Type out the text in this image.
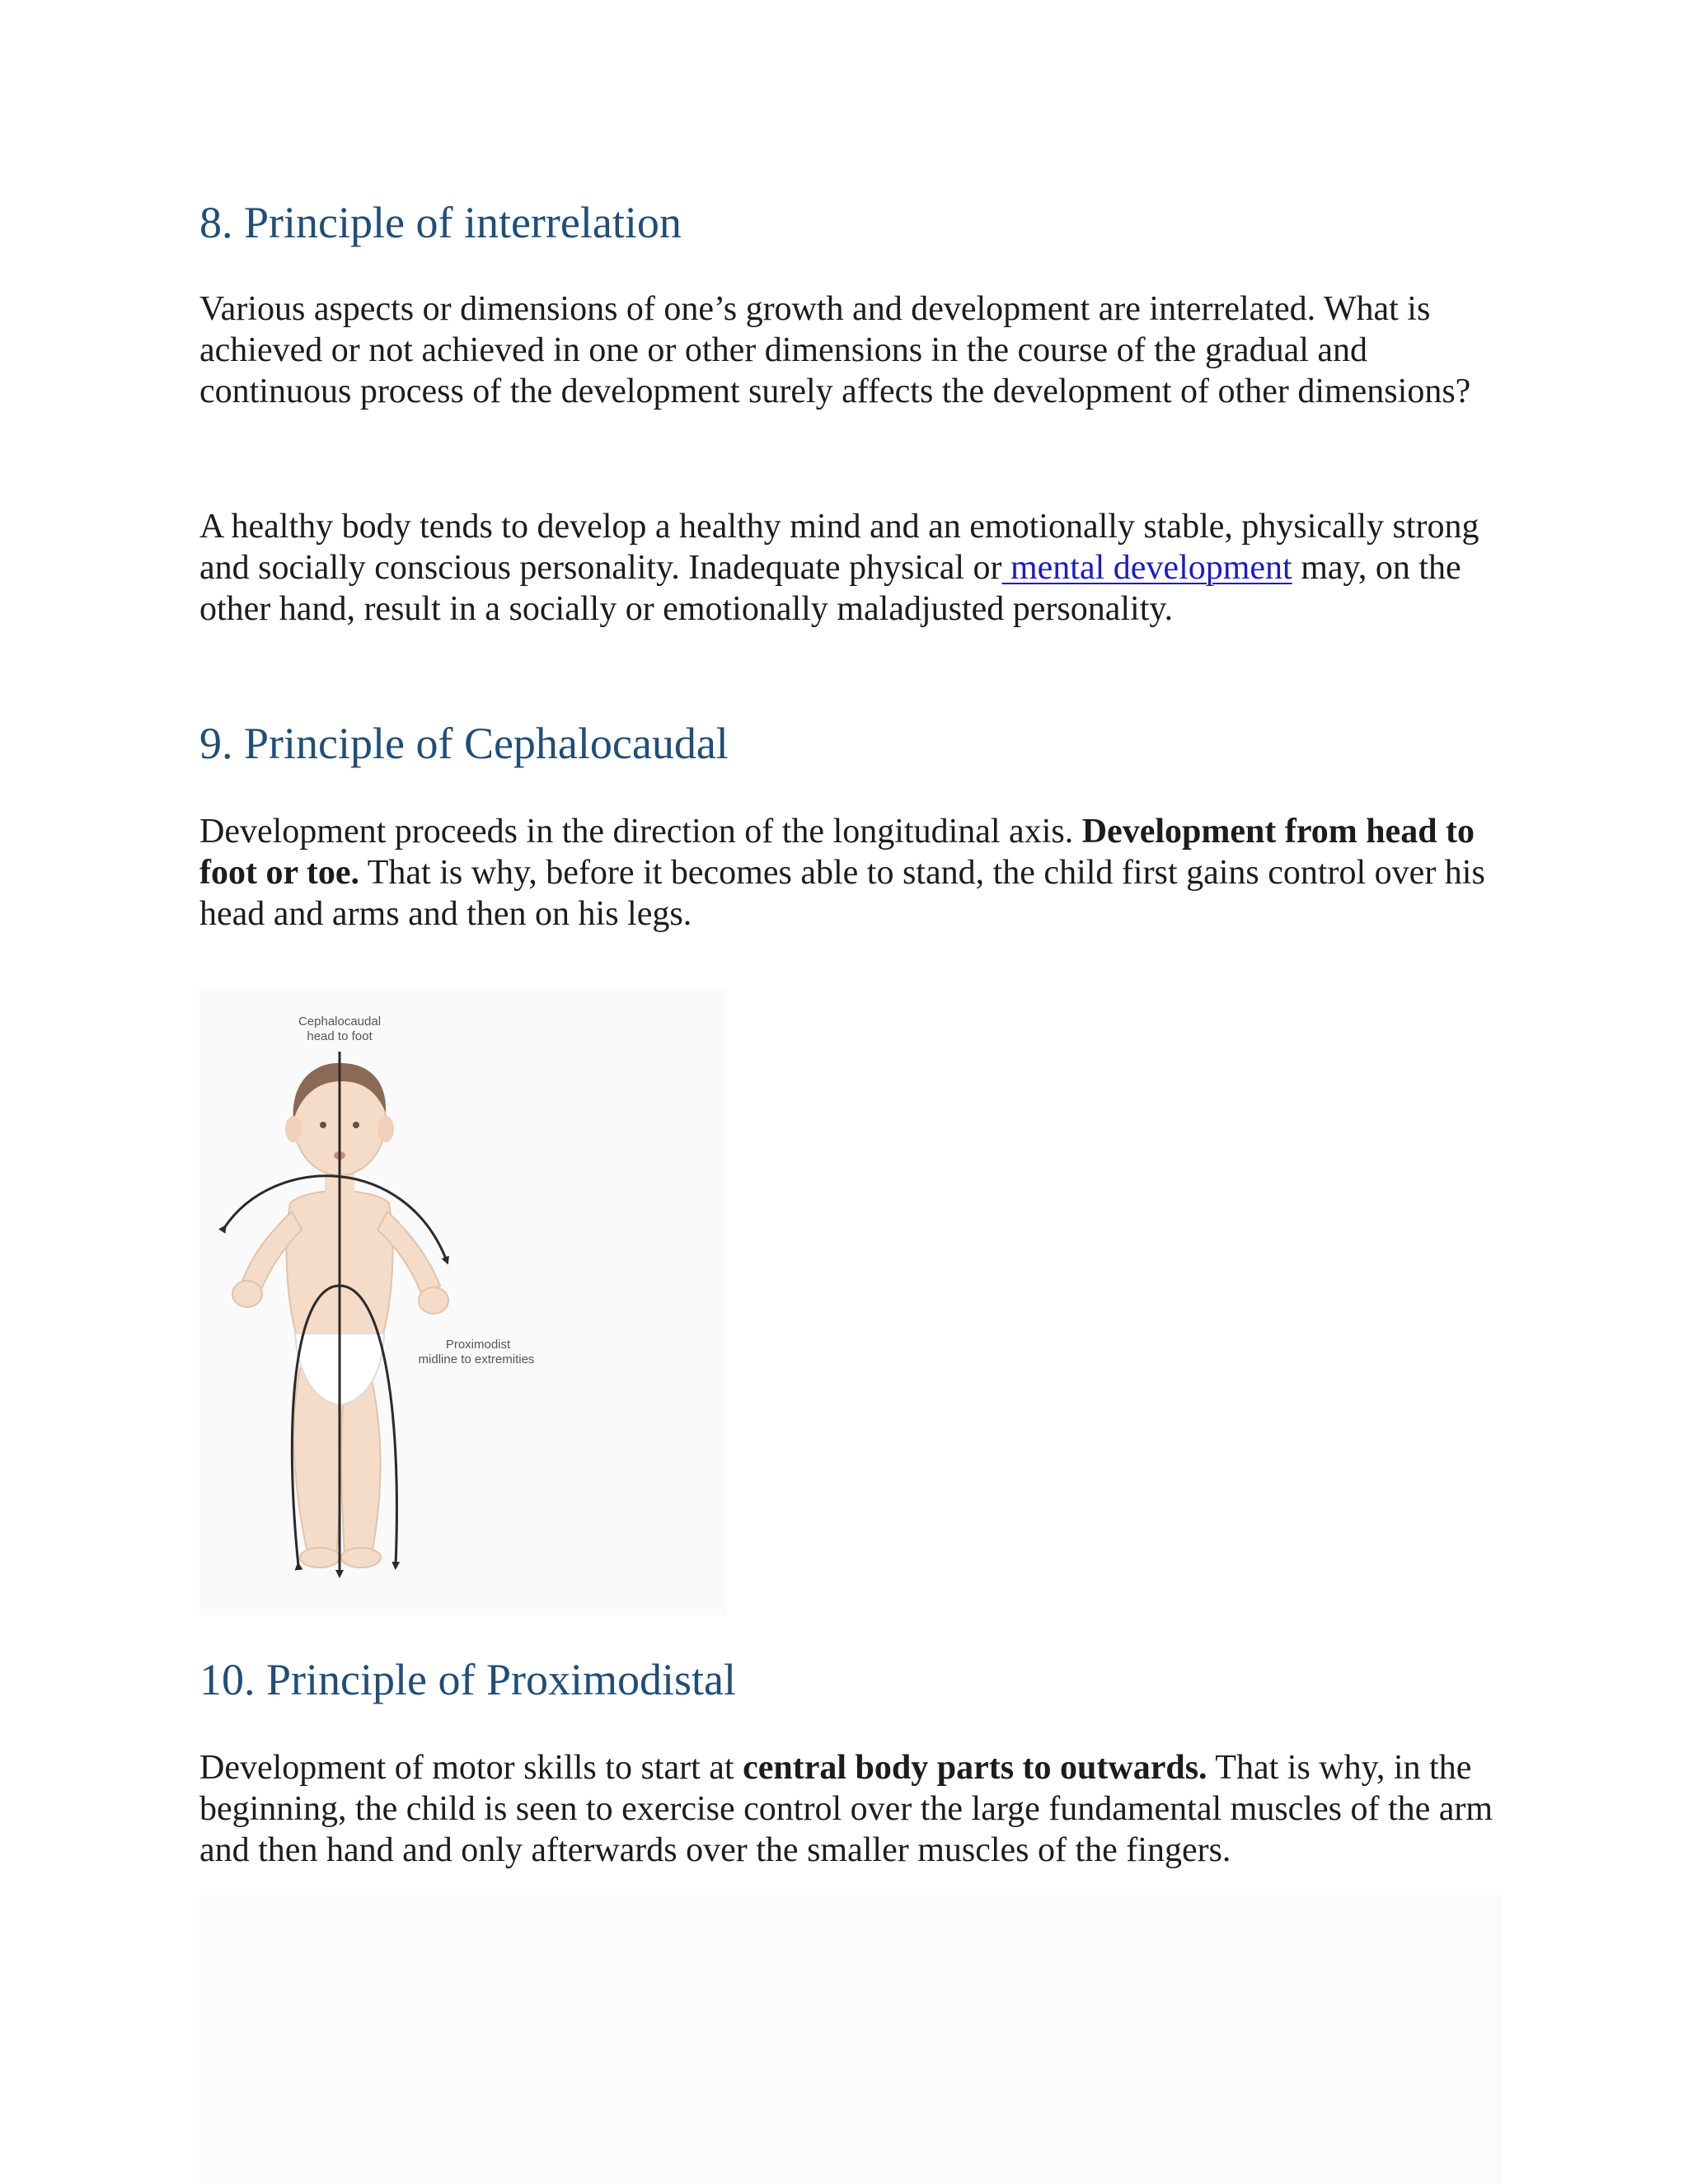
8. Principle of interrelation

Various aspects or dimensions of one’s growth and development are interrelated. What is achieved or not achieved in one or other dimensions in the course of the gradual and continuous process of the development surely affects the development of other dimensions?

A healthy body tends to develop a healthy mind and an emotionally stable, physically strong and socially conscious personality. Inadequate physical or mental development may, on the other hand, result in a socially or emotionally maladjusted personality.

9. Principle of Cephalocaudal

Development proceeds in the direction of the longitudinal axis. Development from head to foot or toe. That is why, before it becomes able to stand, the child first gains control over his head and arms and then on his legs.

Cephalocaudal
head to foot
Proximodist
midline to extremities
10. Principle of Proximodistal

Development of motor skills to start at central body parts to outwards. That is why, in the beginning, the child is seen to exercise control over the large fundamental muscles of the arm and then hand and only afterwards over the smaller muscles of the fingers.
